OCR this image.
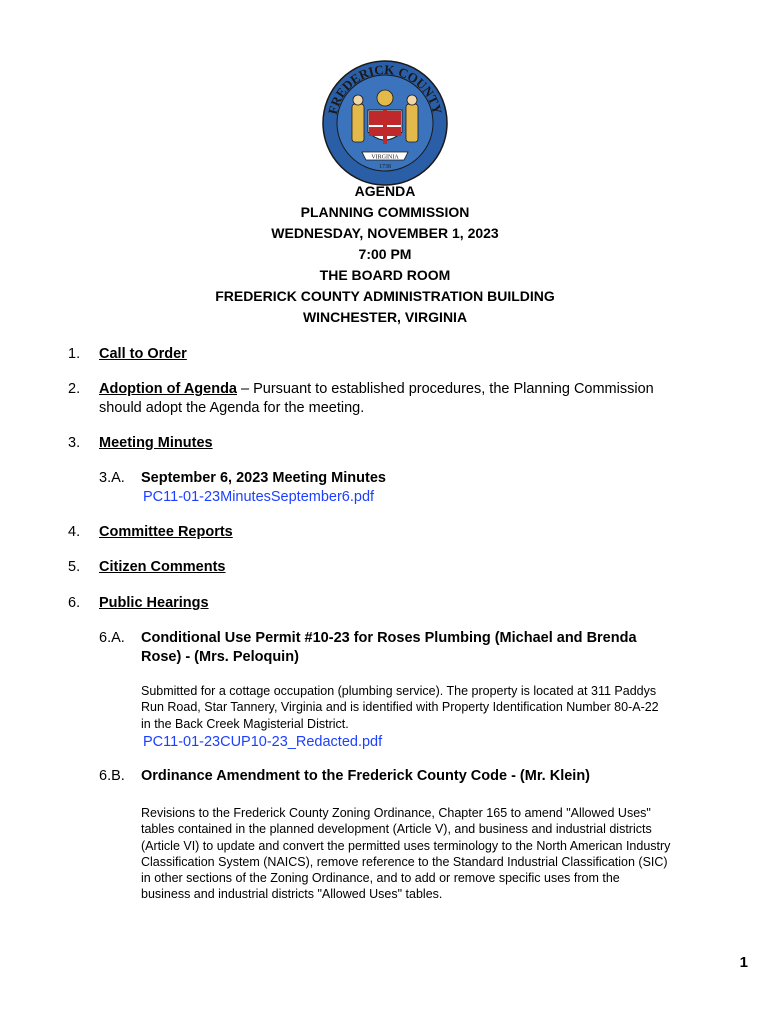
FREDERICK COUNTY
VIRGINIA
1738
AGENDA
PLANNING COMMISSION
WEDNESDAY, NOVEMBER 1, 2023
7:00 PM
THE BOARD ROOM
FREDERICK COUNTY ADMINISTRATION BUILDING
WINCHESTER, VIRGINIA
1. Call to Order
2. Adoption of Agenda – Pursuant to established procedures, the Planning Commission should adopt the Agenda for the meeting.
3. Meeting Minutes
3.A. September 6, 2023 Meeting Minutes
PC11-01-23MinutesSeptember6.pdf
4. Committee Reports
5. Citizen Comments
6. Public Hearings
6.A. Conditional Use Permit #10-23 for Roses Plumbing (Michael and Brenda Rose) - (Mrs. Peloquin)
Submitted for a cottage occupation (plumbing service). The property is located at 311 Paddys Run Road, Star Tannery, Virginia and is identified with Property Identification Number 80-A-22 in the Back Creek Magisterial District.
PC11-01-23CUP10-23_Redacted.pdf
6.B. Ordinance Amendment to the Frederick County Code - (Mr. Klein)
Revisions to the Frederick County Zoning Ordinance, Chapter 165 to amend "Allowed Uses" tables contained in the planned development (Article V), and business and industrial districts (Article VI) to update and convert the permitted uses terminology to the North American Industry Classification System (NAICS), remove reference to the Standard Industrial Classification (SIC) in other sections of the Zoning Ordinance, and to add or remove specific uses from the business and industrial districts "Allowed Uses" tables.
1
